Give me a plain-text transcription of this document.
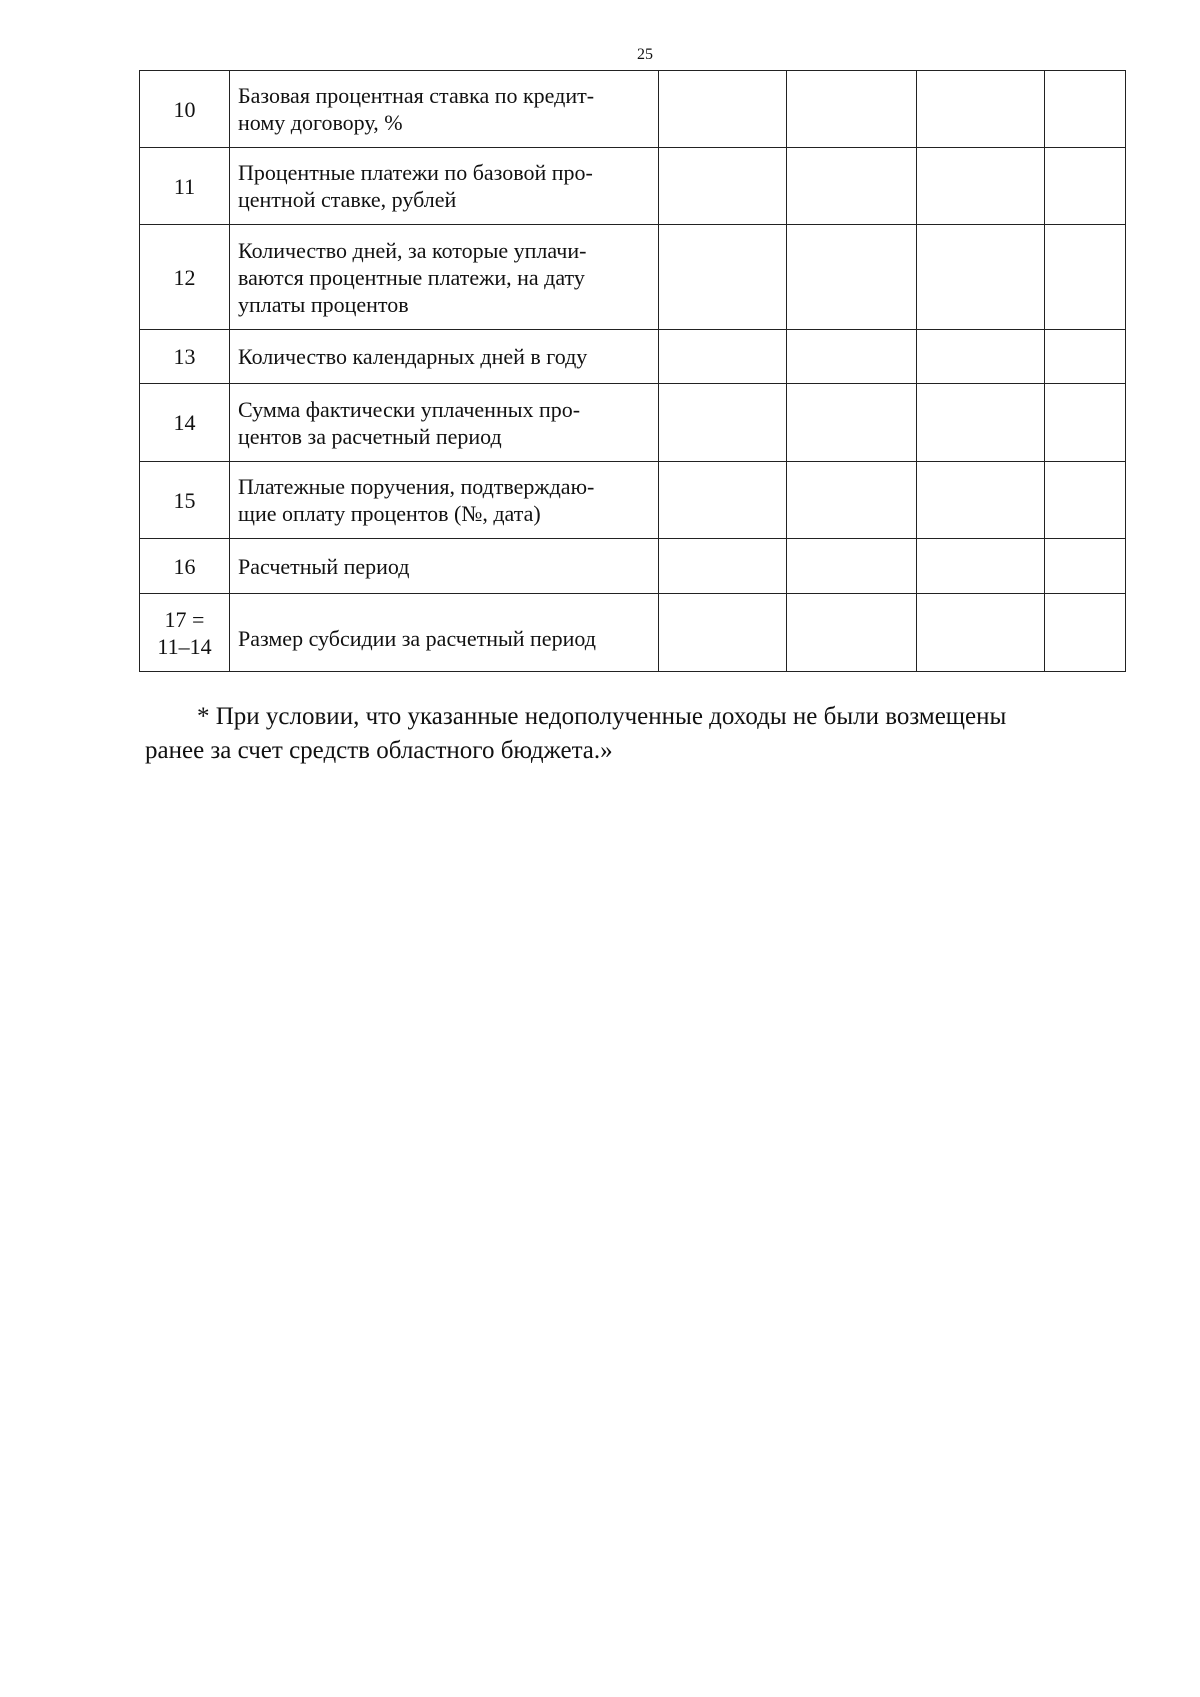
25
10	Базовая процентная ставка по кредит-
ному договору, %				

11	Процентные платежи по базовой про-
центной ставке, рублей				

12	Количество дней, за которые уплачи-
ваются процентные платежи, на дату
уплаты процентов				

13	Количество календарных дней в году				

14	Сумма фактически уплаченных про-
центов за расчетный период				

15	Платежные поручения, подтверждаю-
щие оплату процентов (№, дата)				

16	Расчетный период				

17 =
11–14	Размер субсидии за расчетный период				

* При условии, что указанные недополученные доходы не были возмещены
ранее за счет средств областного бюджета.»
